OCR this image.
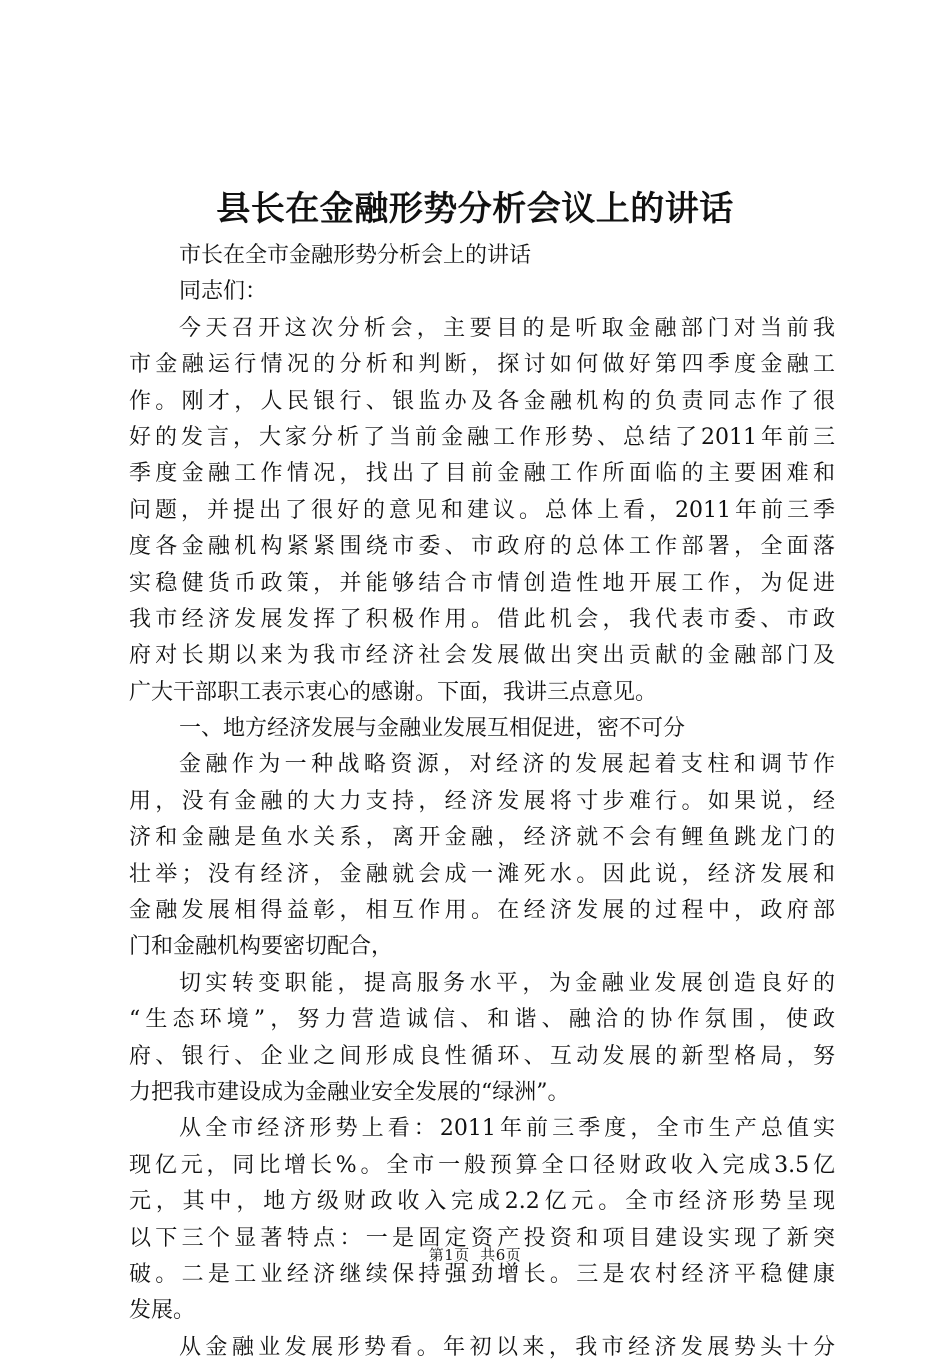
县长在金融形势分析会议上的讲话
市长在全市金融形势分析会上的讲话
同志们：
今天召开这次分析会，主要目的是听取金融部门对当前我
市金融运行情况的分析和判断，探讨如何做好第四季度金融工
作。刚才，人民银行、银监办及各金融机构的负责同志作了很
好的发言，大家分析了当前金融工作形势、总结了2011年前三
季度金融工作情况，找出了目前金融工作所面临的主要困难和
问题，并提出了很好的意见和建议。总体上看，2011年前三季
度各金融机构紧紧围绕市委、市政府的总体工作部署，全面落
实稳健货币政策，并能够结合市情创造性地开展工作，为促进
我市经济发展发挥了积极作用。借此机会，我代表市委、市政
府对长期以来为我市经济社会发展做出突出贡献的金融部门及
广大干部职工表示衷心的感谢。下面，我讲三点意见。
一、地方经济发展与金融业发展互相促进，密不可分
金融作为一种战略资源，对经济的发展起着支柱和调节作
用，没有金融的大力支持，经济发展将寸步难行。如果说，经
济和金融是鱼水关系，离开金融，经济就不会有鲤鱼跳龙门的
壮举；没有经济，金融就会成一滩死水。因此说，经济发展和
金融发展相得益彰，相互作用。在经济发展的过程中，政府部
门和金融机构要密切配合，
切实转变职能，提高服务水平，为金融业发展创造良好的
“生态环境”，努力营造诚信、和谐、融洽的协作氛围，使政
府、银行、企业之间形成良性循环、互动发展的新型格局，努
力把我市建设成为金融业安全发展的“绿洲”。
从全市经济形势上看：2011年前三季度，全市生产总值实
现亿元，同比增长%。全市一般预算全口径财政收入完成3.5亿
元，其中，地方级财政收入完成2.2亿元。全市经济形势呈现
以下三个显著特点：一是固定资产投资和项目建设实现了新突
破。二是工业经济继续保持强劲增长。三是农村经济平稳健康
发展。
从金融业发展形势看。年初以来，我市经济发展势头十分
第1页  共6页
